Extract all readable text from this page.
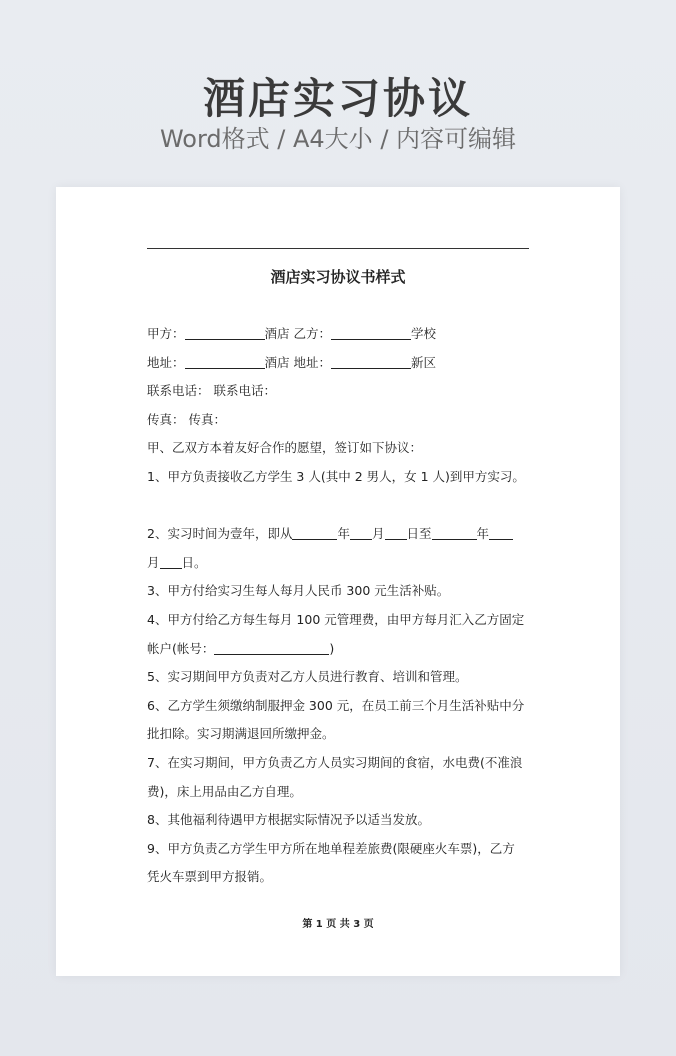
酒店实习协议
Word格式 / A4大小 / 内容可编辑
酒店实习协议书样式
甲方：	酒店 乙方：	学校
地址：	酒店 地址：	新区
联系电话： 联系电话：
传真： 传真：
甲、乙双方本着友好合作的愿望，签订如下协议：
1、甲方负责接收乙方学生 3 人(其中 2 男人，女 1 人)到甲方实习。
2、实习时间为壹年，即从	年 月 日至	年
月 日。
3、甲方付给实习生每人每月人民币 300 元生活补贴。
4、甲方付给乙方每生每月 100 元管理费，由甲方每月汇入乙方固定
帐户(帐号：	)
5、实习期间甲方负责对乙方人员进行教育、培训和管理。
6、乙方学生须缴纳制服押金 300 元，在员工前三个月生活补贴中分
批扣除。实习期满退回所缴押金。
7、在实习期间，甲方负责乙方人员实习期间的食宿，水电费(不准浪
费)，床上用品由乙方自理。
8、其他福利待遇甲方根据实际情况予以适当发放。
9、甲方负责乙方学生甲方所在地单程差旅费(限硬座火车票)，乙方
凭火车票到甲方报销。
第 1 页 共 3 页
